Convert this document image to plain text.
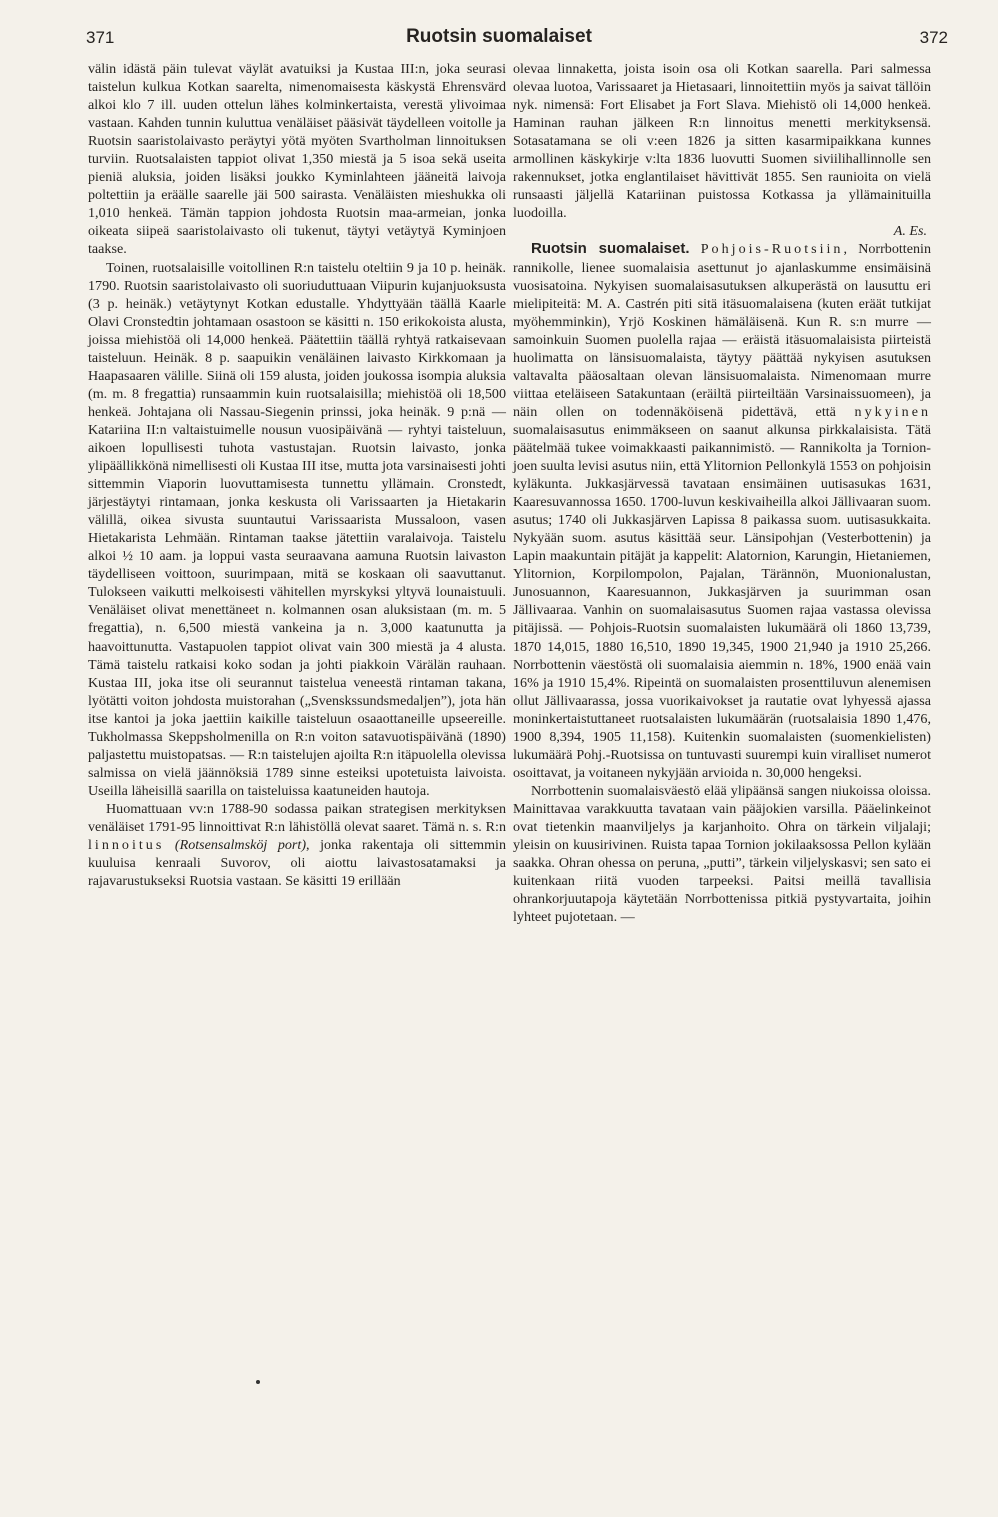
371	Ruotsin suomalaiset	372

välin idästä päin tulevat väylät avatuiksi ja Kustaa III:n, joka seurasi taistelun kulkua Kotkan saarelta, nimenomaisesta käskystä Ehrensvärd alkoi klo 7 ill. uuden ottelun lähes kolminkertaista, verestä ylivoimaa vastaan. Kahden tunnin kuluttua venäläiset pääsivät täydelleen voitolle ja Ruotsin saaristolaivasto peräytyi yötä myöten Svartholman linnoituksen turviin. Ruotsalaisten tappiot olivat 1,350 miestä ja 5 isoa sekä useita pieniä aluksia, joiden lisäksi joukko Kyminlahteen jääneitä laivoja poltettiin ja eräälle saarelle jäi 500 sairasta. Venäläisten mieshukka oli 1,010 henkeä. Tämän tappion johdosta Ruotsin maa-armeian, jonka oikeata siipeä saaristolaivasto oli tukenut, täytyi vetäytyä Kyminjoen taakse.

Toinen, ruotsalaisille voitollinen R:n taistelu oteltiin 9 ja 10 p. heinäk. 1790. Ruotsin saaristolaivasto oli suoriuduttuaan Viipurin kujanjuoksusta (3 p. heinäk.) vetäytynyt Kotkan edustalle. Yhdyttyään täällä Kaarle Olavi Cronstedtin johtamaan osastoon se käsitti n. 150 erikokoista alusta, joissa miehistöä oli 14,000 henkeä. Päätettiin täällä ryhtyä ratkaisevaan taisteluun. Heinäk. 8 p. saapuikin venäläinen laivasto Kirkkomaan ja Haapasaaren välille. Siinä oli 159 alusta, joiden joukossa isompia aluksia (m. m. 8 fregattia) runsaammin kuin ruotsalaisilla; miehistöä oli 18,500 henkeä. Johtajana oli Nassau-Siegenin prinssi, joka heinäk. 9 p:nä — Katariina II:n valtaistuimelle nousun vuosipäivänä — ryhtyi taisteluun, aikoen lopullisesti tuhota vastustajan. Ruotsin laivasto, jonka ylipäällikkönä nimellisesti oli Kustaa III itse, mutta jota varsinaisesti johti sittemmin Viaporin luovuttamisesta tunnettu yllämain. Cronstedt, järjestäytyi rintamaan, jonka keskusta oli Varissaarten ja Hietakarin välillä, oikea sivusta suuntautui Varissaarista Mussaloon, vasen Hietakarista Lehmään. Rintaman taakse jätettiin varalaivoja. Taistelu alkoi ½ 10 aam. ja loppui vasta seuraavana aamuna Ruotsin laivaston täydelliseen voittoon, suurimpaan, mitä se koskaan oli saavuttanut. Tulokseen vaikutti melkoisesti vähitellen myrskyksi yltyvä lounaistuuli. Venäläiset olivat menettäneet n. kolmannen osan aluksistaan (m. m. 5 fregattia), n. 6,500 miestä vankeina ja n. 3,000 kaatunutta ja haavoittunutta. Vastapuolen tappiot olivat vain 300 miestä ja 4 alusta. Tämä taistelu ratkaisi koko sodan ja johti piakkoin Värälän rauhaan. Kustaa III, joka itse oli seurannut taistelua veneestä rintaman takana, lyötätti voiton johdosta muistorahan („Svenskssundsmedaljen”), jota hän itse kantoi ja joka jaettiin kaikille taisteluun osaaottaneille upseereille. Tukholmassa Skeppsholmenilla on R:n voiton satavuotispäivänä (1890) paljastettu muistopatsas. — R:n taistelujen ajoilta R:n itäpuolella olevissa salmissa on vielä jäännöksiä 1789 sinne esteiksi upotetuista laivoista. Useilla läheisillä saarilla on taisteluissa kaatuneiden hautoja.

Huomattuaan vv:n 1788-90 sodassa paikan strategisen merkityksen venäläiset 1791-95 linnoittivat R:n lähistöllä olevat saaret. Tämä n. s. R:n linnoitus (Rotsensalmsköj port), jonka rakentaja oli sittemmin kuuluisa kenraali Suvorov, oli aiottu laivastosatamaksi ja rajavarustukseksi Ruotsia vastaan. Se käsitti 19 erillään

olevaa linnaketta, joista isoin osa oli Kotkan saarella. Pari salmessa olevaa luotoa, Varissaaret ja Hietasaari, linnoitettiin myös ja saivat tällöin nyk. nimensä: Fort Elisabet ja Fort Slava. Miehistö oli 14,000 henkeä. Haminan rauhan jälkeen R:n linnoitus menetti merkityksensä. Sotasatamana se oli v:een 1826 ja sitten kasarmipaikkana kunnes armollinen käskykirje v:lta 1836 luovutti Suomen siviilihallinnolle sen rakennukset, jotka englantilaiset hävittivät 1855. Sen raunioita on vielä runsaasti jäljellä Katariinan puistossa Kotkassa ja yllämainituilla luodoilla.

A. Es.

Ruotsin suomalaiset. Pohjois-Ruotsiin, Norrbottenin rannikolle, lienee suomalaisia asettunut jo ajanlaskumme ensimäisinä vuosisatoina. Nykyisen suomalaisasutuksen alkuperästä on lausuttu eri mielipiteitä: M. A. Castrén piti sitä itäsuomalaisena (kuten eräät tutkijat myöhemminkin), Yrjö Koskinen hämäläisenä. Kun R. s:n murre — samoinkuin Suomen puolella rajaa — eräistä itäsuomalaisista piirteistä huolimatta on länsisuomalaista, täytyy päättää nykyisen asutuksen valtavalta pääosaltaan olevan länsisuomalaista. Nimenomaan murre viittaa eteläiseen Satakuntaan (eräiltä piirteiltään Varsinaissuomeen), ja näin ollen on todennäköisenä pidettävä, että nykyinen suomalaisasutus enimmäkseen on saanut alkunsa pirkkalaisista. Tätä päätelmää tukee voimakkaasti paikannimistö. — Rannikolta ja Tornion-joen suulta levisi asutus niin, että Ylitornion Pellonkylä 1553 on pohjoisin kyläkunta. Jukkasjärvessä tavataan ensimäinen uutisasukas 1631, Kaaresuvannossa 1650. 1700-luvun keskivaiheilla alkoi Jällivaaran suom. asutus; 1740 oli Jukkasjärven Lapissa 8 paikassa suom. uutisasukkaita. Nykyään suom. asutus käsittää seur. Länsipohjan (Vesterbottenin) ja Lapin maakuntain pitäjät ja kappelit: Alatornion, Karungin, Hietaniemen, Ylitornion, Korpilompolon, Pajalan, Tärännön, Muonionalustan, Junosuannon, Kaaresuannon, Jukkasjärven ja suurimman osan Jällivaaraa. Vanhin on suomalaisasutus Suomen rajaa vastassa olevissa pitäjissä. — Pohjois-Ruotsin suomalaisten lukumäärä oli 1860 13,739, 1870 14,015, 1880 16,510, 1890 19,345, 1900 21,940 ja 1910 25,266. Norrbottenin väestöstä oli suomalaisia aiemmin n. 18%, 1900 enää vain 16% ja 1910 15,4%. Ripeintä on suomalaisten prosenttiluvun alenemisen ollut Jällivaarassa, jossa vuorikaivokset ja rautatie ovat lyhyessä ajassa moninkertaistuttaneet ruotsalaisten lukumäärän (ruotsalaisia 1890 1,476, 1900 8,394, 1905 11,158). Kuitenkin suomalaisten (suomenkielisten) lukumäärä Pohj.-Ruotsissa on tuntuvasti suurempi kuin viralliset numerot osoittavat, ja voitaneen nykyjään arvioida n. 30,000 hengeksi.

Norrbottenin suomalaisväestö elää ylipäänsä sangen niukoissa oloissa. Mainittavaa varakkuutta tavataan vain pääjokien varsilla. Pääelinkeinot ovat tietenkin maanviljelys ja karjanhoito. Ohra on tärkein viljalaji; yleisin on kuusirivinen. Ruista tapaa Tornion jokilaaksossa Pellon kylään saakka. Ohran ohessa on peruna, „putti”, tärkein viljelyskasvi; sen sato ei kuitenkaan riitä vuoden tarpeeksi. Paitsi meillä tavallisia ohrankorjuutapoja käytetään Norrbottenissa pitkiä pystyvartaita, joihin lyhteet pujotetaan. —
